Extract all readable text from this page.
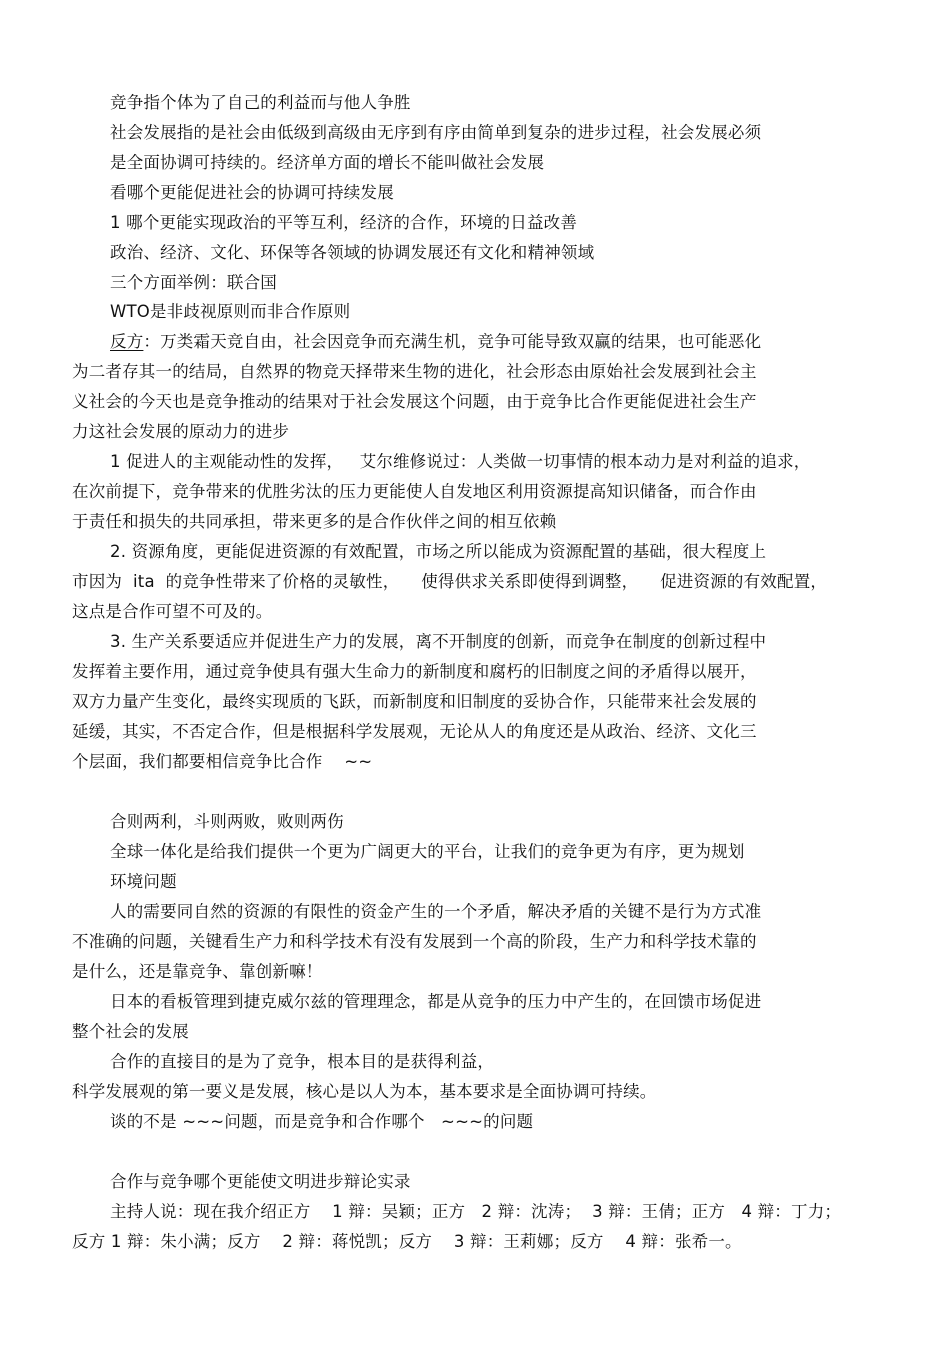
竞争指个体为了自己的利益而与他人争胜
社会发展指的是社会由低级到高级由无序到有序由简单到复杂的进步过程，社会发展必须
是全面协调可持续的。经济单方面的增长不能叫做社会发展
看哪个更能促进社会的协调可持续发展
1 哪个更能实现政治的平等互利，经济的合作，环境的日益改善
政治、经济、文化、环保等各领域的协调发展还有文化和精神领域
三个方面举例：联合国
WTO是非歧视原则而非合作原则
反方：万类霜天竞自由，社会因竞争而充满生机，竞争可能导致双赢的结果，也可能恶化
为二者存其一的结局，自然界的物竞天择带来生物的进化，社会形态由原始社会发展到社会主
义社会的今天也是竞争推动的结果对于社会发展这个问题，由于竞争比合作更能促进社会生产
力这社会发展的原动力的进步
1 促进人的主观能动性的发挥，   艾尔维修说过：人类做一切事情的根本动力是对利益的追求，
在次前提下，竞争带来的优胜劣汰的压力更能使人自发地区利用资源提高知识储备，而合作由
于责任和损失的共同承担，带来更多的是合作伙伴之间的相互依赖
2. 资源角度，更能促进资源的有效配置，市场之所以能成为资源配置的基础，很大程度上
市因为  ita  的竞争性带来了价格的灵敏性，    使得供求关系即使得到调整，    促进资源的有效配置，
这点是合作可望不可及的。
3. 生产关系要适应并促进生产力的发展，离不开制度的创新，而竞争在制度的创新过程中
发挥着主要作用，通过竞争使具有强大生命力的新制度和腐朽的旧制度之间的矛盾得以展开，
双方力量产生变化，最终实现质的飞跃，而新制度和旧制度的妥协合作，只能带来社会发展的
延缓，其实，不否定合作，但是根据科学发展观，无论从人的角度还是从政治、经济、文化三
个层面，我们都要相信竞争比合作    ~~
合则两利，斗则两败，败则两伤
全球一体化是给我们提供一个更为广阔更大的平台，让我们的竞争更为有序，更为规划
环境问题
人的需要同自然的资源的有限性的资金产生的一个矛盾，解决矛盾的关键不是行为方式准
不准确的问题，关键看生产力和科学技术有没有发展到一个高的阶段，生产力和科学技术靠的
是什么，还是靠竞争、靠创新嘛！
日本的看板管理到捷克威尔兹的管理理念，都是从竞争的压力中产生的，在回馈市场促进
整个社会的发展
合作的直接目的是为了竞争，根本目的是获得利益，
科学发展观的第一要义是发展，核心是以人为本，基本要求是全面协调可持续。
谈的不是 ~~~问题，而是竞争和合作哪个   ~~~的问题
合作与竞争哪个更能使文明进步辩论实录
主持人说：现在我介绍正方    1 辩：吴颖；正方   2 辩：沈涛；  3 辩：王倩；正方   4 辩：丁力；
反方 1 辩：朱小满；反方    2 辩：蒋悦凯；反方    3 辩：王莉娜；反方    4 辩：张希一。
